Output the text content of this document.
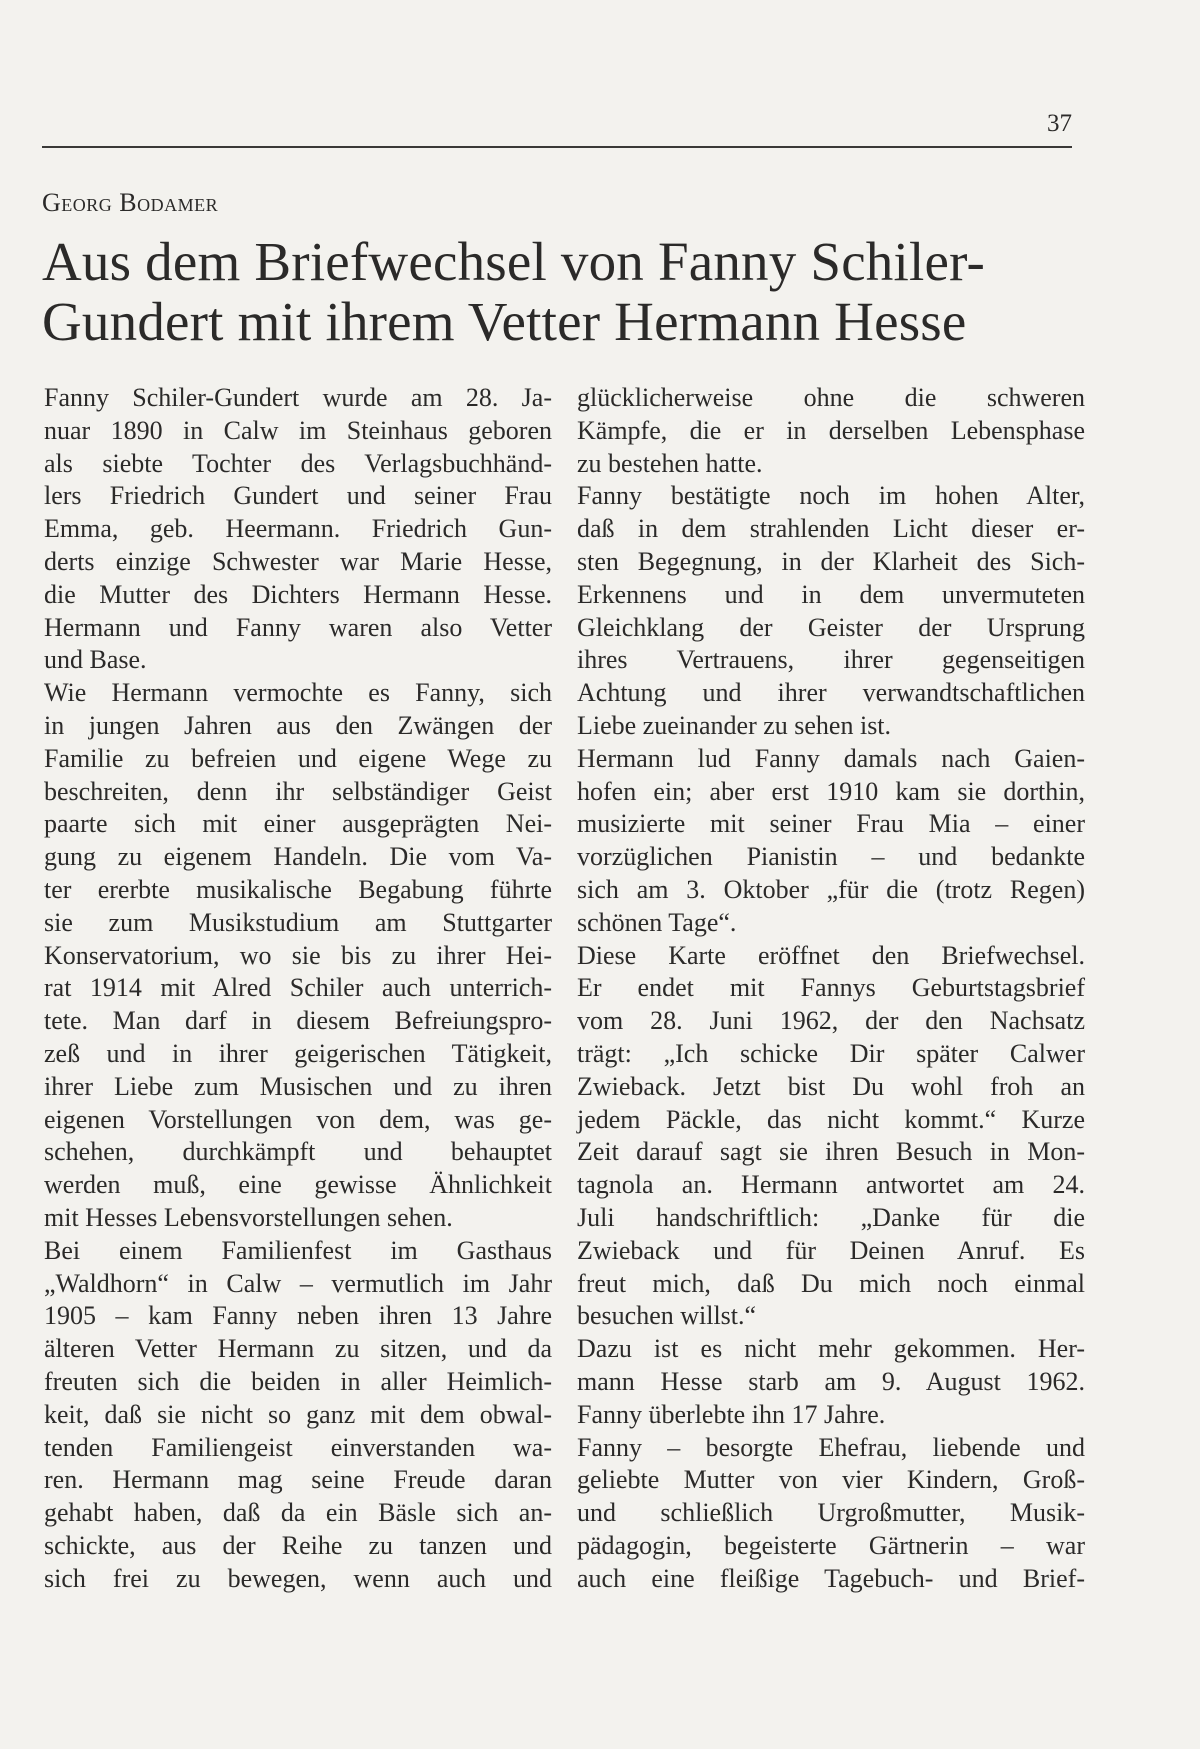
37
Georg Bodamer
Aus dem Briefwechsel von Fanny Schiler-
Gundert mit ihrem Vetter Hermann Hesse
Fanny Schiler-Gundert wurde am 28. Ja-
nuar 1890 in Calw im Steinhaus geboren
als siebte Tochter des Verlagsbuchhänd-
lers Friedrich Gundert und seiner Frau
Emma, geb. Heermann. Friedrich Gun-
derts einzige Schwester war Marie Hesse,
die Mutter des Dichters Hermann Hesse.
Hermann und Fanny waren also Vetter
und Base.
Wie Hermann vermochte es Fanny, sich
in jungen Jahren aus den Zwängen der
Familie zu befreien und eigene Wege zu
beschreiten, denn ihr selbständiger Geist
paarte sich mit einer ausgeprägten Nei-
gung zu eigenem Handeln. Die vom Va-
ter ererbte musikalische Begabung führte
sie zum Musikstudium am Stuttgarter
Konservatorium, wo sie bis zu ihrer Hei-
rat 1914 mit Alred Schiler auch unterrich-
tete. Man darf in diesem Befreiungspro-
zeß und in ihrer geigerischen Tätigkeit,
ihrer Liebe zum Musischen und zu ihren
eigenen Vorstellungen von dem, was ge-
schehen, durchkämpft und behauptet
werden muß, eine gewisse Ähnlichkeit
mit Hesses Lebensvorstellungen sehen.
Bei einem Familienfest im Gasthaus
„Waldhorn“ in Calw – vermutlich im Jahr
1905 – kam Fanny neben ihren 13 Jahre
älteren Vetter Hermann zu sitzen, und da
freuten sich die beiden in aller Heimlich-
keit, daß sie nicht so ganz mit dem obwal-
tenden Familiengeist einverstanden wa-
ren. Hermann mag seine Freude daran
gehabt haben, daß da ein Bäsle sich an-
schickte, aus der Reihe zu tanzen und
sich frei zu bewegen, wenn auch und
glücklicherweise ohne die schweren
Kämpfe, die er in derselben Lebensphase
zu bestehen hatte.
Fanny bestätigte noch im hohen Alter,
daß in dem strahlenden Licht dieser er-
sten Begegnung, in der Klarheit des Sich-
Erkennens und in dem unvermuteten
Gleichklang der Geister der Ursprung
ihres Vertrauens, ihrer gegenseitigen
Achtung und ihrer verwandtschaftlichen
Liebe zueinander zu sehen ist.
Hermann lud Fanny damals nach Gaien-
hofen ein; aber erst 1910 kam sie dorthin,
musizierte mit seiner Frau Mia – einer
vorzüglichen Pianistin – und bedankte
sich am 3. Oktober „für die (trotz Regen)
schönen Tage“.
Diese Karte eröffnet den Briefwechsel.
Er endet mit Fannys Geburtstagsbrief
vom 28. Juni 1962, der den Nachsatz
trägt: „Ich schicke Dir später Calwer
Zwieback. Jetzt bist Du wohl froh an
jedem Päckle, das nicht kommt.“ Kurze
Zeit darauf sagt sie ihren Besuch in Mon-
tagnola an. Hermann antwortet am 24.
Juli handschriftlich: „Danke für die
Zwieback und für Deinen Anruf. Es
freut mich, daß Du mich noch einmal
besuchen willst.“
Dazu ist es nicht mehr gekommen. Her-
mann Hesse starb am 9. August 1962.
Fanny überlebte ihn 17 Jahre.
Fanny – besorgte Ehefrau, liebende und
geliebte Mutter von vier Kindern, Groß-
und schließlich Urgroßmutter, Musik-
pädagogin, begeisterte Gärtnerin – war
auch eine fleißige Tagebuch- und Brief-
